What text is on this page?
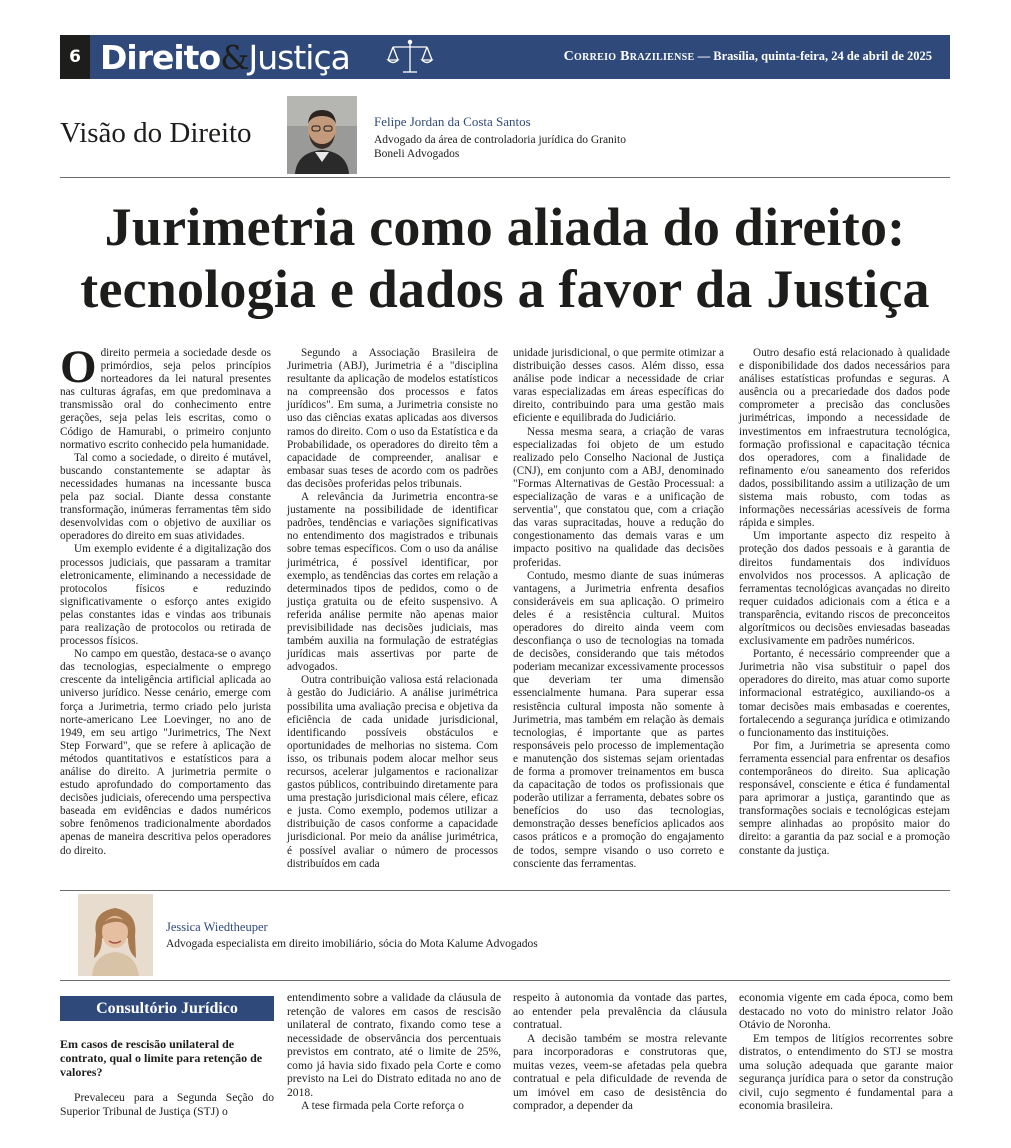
6 Direito&Justiça	Correio Braziliense — Brasília, quinta-feira, 24 de abril de 2025
Visão do Direito	Felipe Jordan da Costa Santos
Advogado da área de controladoria jurídica do Granito Boneli Advogados
Jurimetria como aliada do direito:
tecnologia e dados a favor da Justiça

Odireito permeia a sociedade desde os primórdios, seja pelos princípios norteadores da lei natural presentes nas culturas ágrafas, em que predominava a transmissão oral do conhecimento entre gerações, seja pelas leis escritas, como o Código de Hamurabi, o primeiro conjunto normativo escrito conhecido pela humanidade.

Tal como a sociedade, o direito é mutável, buscando constantemente se adaptar às necessidades humanas na incessante busca pela paz social. Diante dessa constante transformação, inúmeras ferramentas têm sido desenvolvidas com o objetivo de auxiliar os operadores do direito em suas atividades.

Um exemplo evidente é a digitalização dos processos judiciais, que passaram a tramitar eletronicamente, eliminando a necessidade de protocolos físicos e reduzindo significativamente o esforço antes exigido pelas constantes idas e vindas aos tribunais para realização de protocolos ou retirada de processos físicos.

No campo em questão, destaca-se o avanço das tecnologias, especialmente o emprego crescente da inteligência artificial aplicada ao universo jurídico. Nesse cenário, emerge com força a Jurimetria, termo criado pelo jurista norte-americano Lee Loevinger, no ano de 1949, em seu artigo "Jurimetrics, The Next Step Forward", que se refere à aplicação de métodos quantitativos e estatísticos para a análise do direito. A jurimetria permite o estudo aprofundado do comportamento das decisões judiciais, oferecendo uma perspectiva baseada em evidências e dados numéricos sobre fenômenos tradicionalmente abordados apenas de maneira descritiva pelos operadores do direito.

Segundo a Associação Brasileira de Jurimetria (ABJ), Jurimetria é a "disciplina resultante da aplicação de modelos estatísticos na compreensão dos processos e fatos jurídicos". Em suma, a Jurimetria consiste no uso das ciências exatas aplicadas aos diversos ramos do direito. Com o uso da Estatística e da Probabilidade, os operadores do direito têm a capacidade de compreender, analisar e embasar suas teses de acordo com os padrões das decisões proferidas pelos tribunais.

A relevância da Jurimetria encontra-se justamente na possibilidade de identificar padrões, tendências e variações significativas no entendimento dos magistrados e tribunais sobre temas específicos. Com o uso da análise jurimétrica, é possível identificar, por exemplo, as tendências das cortes em relação a determinados tipos de pedidos, como o de justiça gratuita ou de efeito suspensivo. A referida análise permite não apenas maior previsibilidade nas decisões judiciais, mas também auxilia na formulação de estratégias jurídicas mais assertivas por parte de advogados.

Outra contribuição valiosa está relacionada à gestão do Judiciário. A análise jurimétrica possibilita uma avaliação precisa e objetiva da eficiência de cada unidade jurisdicional, identificando possíveis obstáculos e oportunidades de melhorias no sistema. Com isso, os tribunais podem alocar melhor seus recursos, acelerar julgamentos e racionalizar gastos públicos, contribuindo diretamente para uma prestação jurisdicional mais célere, eficaz e justa. Como exemplo, podemos utilizar a distribuição de casos conforme a capacidade jurisdicional. Por meio da análise jurimétrica, é possível avaliar o número de processos distribuídos em cada

unidade jurisdicional, o que permite otimizar a distribuição desses casos. Além disso, essa análise pode indicar a necessidade de criar varas especializadas em áreas específicas do direito, contribuindo para uma gestão mais eficiente e equilibrada do Judiciário.

Nessa mesma seara, a criação de varas especializadas foi objeto de um estudo realizado pelo Conselho Nacional de Justiça (CNJ), em conjunto com a ABJ, denominado "Formas Alternativas de Gestão Processual: a especialização de varas e a unificação de serventia", que constatou que, com a criação das varas supracitadas, houve a redução do congestionamento das demais varas e um impacto positivo na qualidade das decisões proferidas.

Contudo, mesmo diante de suas inúmeras vantagens, a Jurimetria enfrenta desafios consideráveis em sua aplicação. O primeiro deles é a resistência cultural. Muitos operadores do direito ainda veem com desconfiança o uso de tecnologias na tomada de decisões, considerando que tais métodos poderiam mecanizar excessivamente processos que deveriam ter uma dimensão essencialmente humana. Para superar essa resistência cultural imposta não somente à Jurimetria, mas também em relação às demais tecnologias, é importante que as partes responsáveis pelo processo de implementação e manutenção dos sistemas sejam orientadas de forma a promover treinamentos em busca da capacitação de todos os profissionais que poderão utilizar a ferramenta, debates sobre os benefícios do uso das tecnologias, demonstração desses benefícios aplicados aos casos práticos e a promoção do engajamento de todos, sempre visando o uso correto e consciente das ferramentas.

Outro desafio está relacionado à qualidade e disponibilidade dos dados necessários para análises estatísticas profundas e seguras. A ausência ou a precariedade dos dados pode comprometer a precisão das conclusões jurimétricas, impondo a necessidade de investimentos em infraestrutura tecnológica, formação profissional e capacitação técnica dos operadores, com a finalidade de refinamento e/ou saneamento dos referidos dados, possibilitando assim a utilização de um sistema mais robusto, com todas as informações necessárias acessíveis de forma rápida e simples.

Um importante aspecto diz respeito à proteção dos dados pessoais e à garantia de direitos fundamentais dos indivíduos envolvidos nos processos. A aplicação de ferramentas tecnológicas avançadas no direito requer cuidados adicionais com a ética e a transparência, evitando riscos de preconceitos algorítmicos ou decisões enviesadas baseadas exclusivamente em padrões numéricos.

Portanto, é necessário compreender que a Jurimetria não visa substituir o papel dos operadores do direito, mas atuar como suporte informacional estratégico, auxiliando-os a tomar decisões mais embasadas e coerentes, fortalecendo a segurança jurídica e otimizando o funcionamento das instituições.

Por fim, a Jurimetria se apresenta como ferramenta essencial para enfrentar os desafios contemporâneos do direito. Sua aplicação responsável, consciente e ética é fundamental para aprimorar a justiça, garantindo que as transformações sociais e tecnológicas estejam sempre alinhadas ao propósito maior do direito: a garantia da paz social e a promoção constante da justiça.

Jessica Wiedtheuper
Advogada especialista em direito imobiliário, sócia do Mota Kalume Advogados
Consultório Jurídico
Em casos de rescisão unilateral de contrato, qual o limite para retenção de valores?

Prevaleceu para a Segunda Seção do Superior Tribunal de Justiça (STJ) o

entendimento sobre a validade da cláusula de retenção de valores em casos de rescisão unilateral de contrato, fixando como tese a necessidade de observância dos percentuais previstos em contrato, até o limite de 25%, como já havia sido fixado pela Corte e como previsto na Lei do Distrato editada no ano de 2018.

A tese firmada pela Corte reforça o

respeito à autonomia da vontade das partes, ao entender pela prevalência da cláusula contratual.

A decisão também se mostra relevante para incorporadoras e construtoras que, muitas vezes, veem-se afetadas pela quebra contratual e pela dificuldade de revenda de um imóvel em caso de desistência do comprador, a depender da

economia vigente em cada época, como bem destacado no voto do ministro relator João Otávio de Noronha.

Em tempos de litígios recorrentes sobre distratos, o entendimento do STJ se mostra uma solução adequada que garante maior segurança jurídica para o setor da construção civil, cujo segmento é fundamental para a economia brasileira.
